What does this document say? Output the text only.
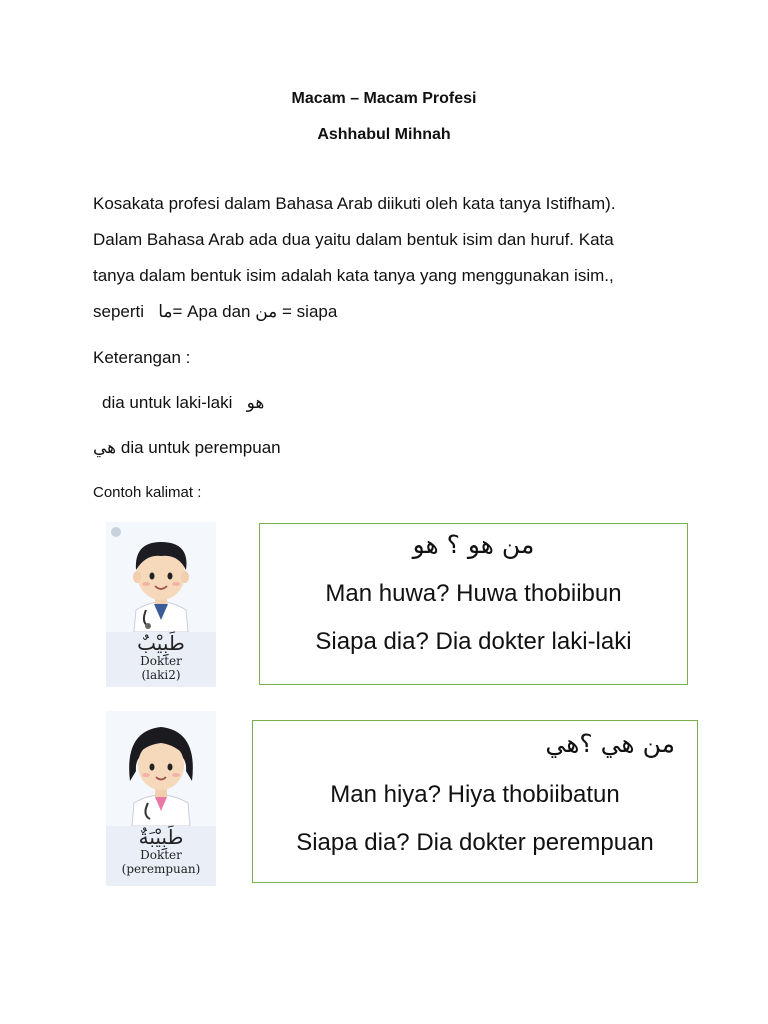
Macam – Macam Profesi
Ashhabul Mihnah
Kosakata profesi dalam Bahasa Arab diikuti oleh kata tanya Istifham).
Dalam Bahasa Arab ada dua yaitu dalam bentuk isim dan huruf. Kata
tanya dalam bentuk isim adalah kata tanya yang menggunakan isim.,
seperti ما= Apa dan من = siapa
Keterangan :
dia untuk laki-laki هو
هي dia untuk perempuan
Contoh kalimat :
طَبِيْبٌ
Dokter
(laki2)
من هو ؟ هو
Man huwa? Huwa thobiibun
Siapa dia? Dia dokter laki-laki
طَبِيْبَةٌ
Dokter
(perempuan)
من هي ؟هي
Man hiya? Hiya thobiibatun
Siapa dia? Dia dokter perempuan
